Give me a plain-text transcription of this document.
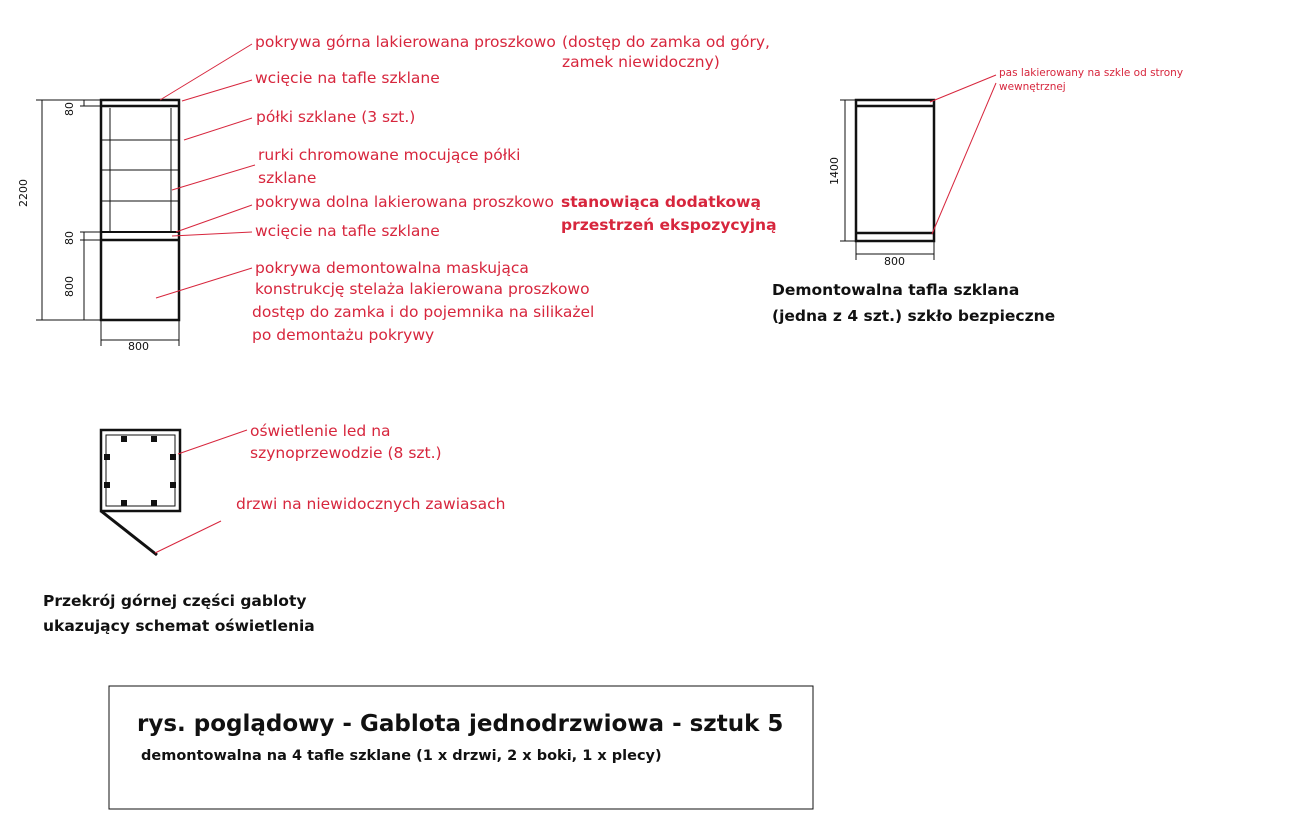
2200
80
80
800
800
pokrywa górna lakierowana proszkowo (dostęp do zamka od góry,
zamek niewidoczny)
wcięcie na tafle szklane
półki szklane (3 szt.)
rurki chromowane mocujące półki
szklane
pokrywa dolna lakierowana proszkowo stanowiąca dodatkową
przestrzeń ekspozycyjną
wcięcie na tafle szklane
pokrywa demontowalna maskująca
konstrukcję stelaża lakierowana proszkowo
dostęp do zamka i do pojemnika na silikażel
po demontażu pokrywy
1400
800
pas lakierowany na szkle od strony
wewnętrznej
Demontowalna tafla szklana
(jedna z 4 szt.) szkło bezpieczne
oświetlenie led na
szynoprzewodzie (8 szt.)
drzwi na niewidocznych zawiasach
Przekrój górnej części gabloty
ukazujący schemat oświetlenia
rys. poglądowy - Gablota jednodrzwiowa - sztuk 5
demontowalna na 4 tafle szklane (1 x drzwi, 2 x boki, 1 x plecy)
